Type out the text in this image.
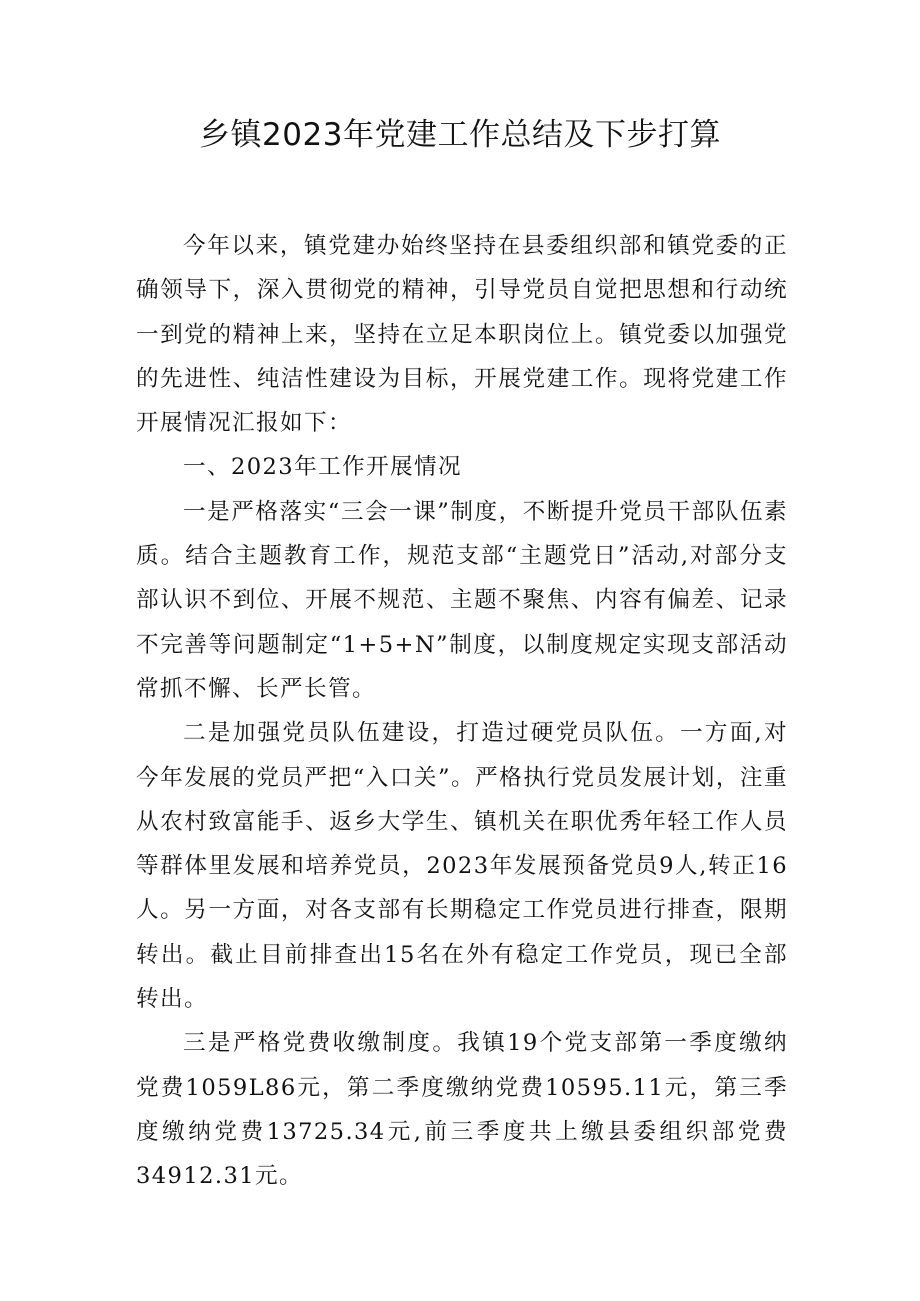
乡镇2023年党建工作总结及下步打算

今年以来，镇党建办始终坚持在县委组织部和镇党委的正确领导下，深入贯彻党的精神，引导党员自觉把思想和行动统一到党的精神上来，坚持在立足本职岗位上。镇党委以加强党的先进性、纯洁性建设为目标，开展党建工作。现将党建工作开展情况汇报如下：

一、2023年工作开展情况

一是严格落实“三会一课”制度，不断提升党员干部队伍素质。结合主题教育工作，规范支部“主题党日”活动,对部分支部认识不到位、开展不规范、主题不聚焦、内容有偏差、记录不完善等问题制定“1+5+N”制度，以制度规定实现支部活动常抓不懈、长严长管。

二是加强党员队伍建设，打造过硬党员队伍。一方面,对今年发展的党员严把“入口关”。严格执行党员发展计划，注重从农村致富能手、返乡大学生、镇机关在职优秀年轻工作人员等群体里发展和培养党员，2023年发展预备党员9人,转正16人。另一方面，对各支部有长期稳定工作党员进行排查，限期转出。截止目前排查出15名在外有稳定工作党员，现已全部转出。

三是严格党费收缴制度。我镇19个党支部第一季度缴纳党费1059L86元，第二季度缴纳党费10595.11元，第三季度缴纳党费13725.34元,前三季度共上缴县委组织部党费34912.31元。
